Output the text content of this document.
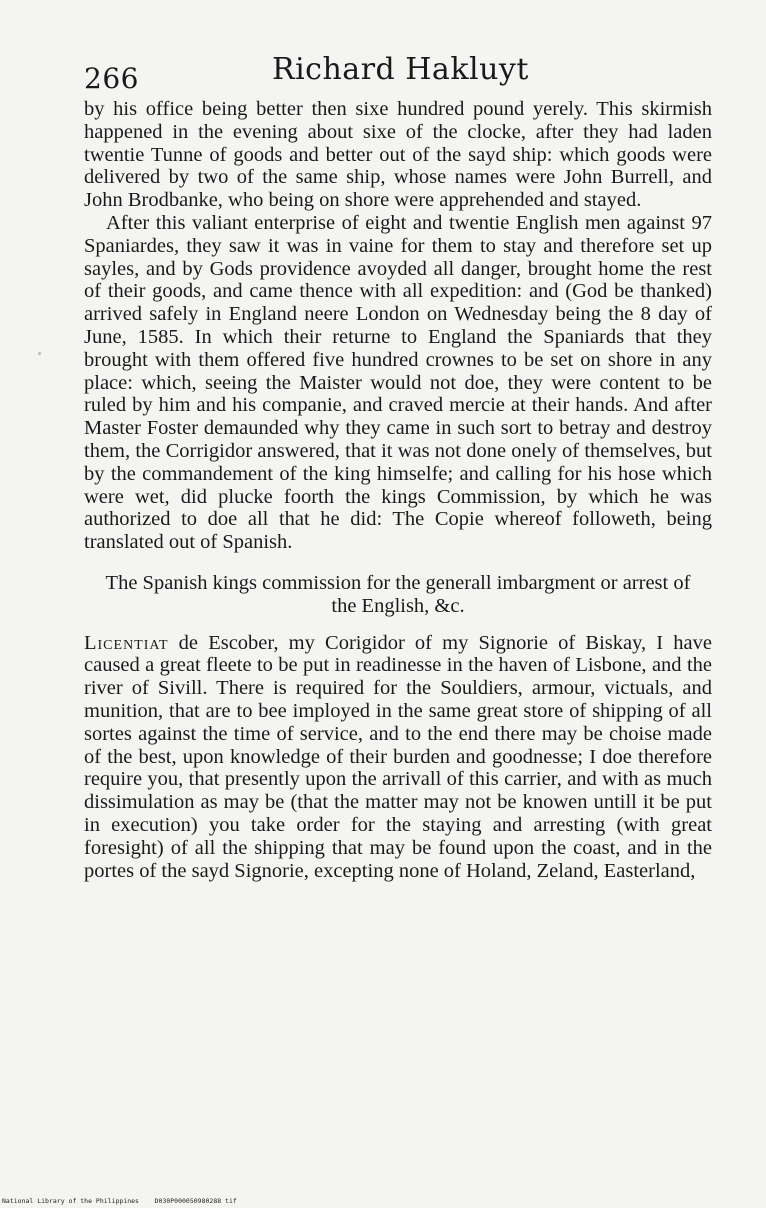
266	Richard Hakluyt

by his office being better then sixe hundred pound yerely. This skirmish happened in the evening about sixe of the clocke, after they had laden twentie Tunne of goods and better out of the sayd ship: which goods were delivered by two of the same ship, whose names were John Burrell, and John Brodbanke, who being on shore were apprehended and stayed.

After this valiant enterprise of eight and twentie English men against 97 Spaniardes, they saw it was in vaine for them to stay and therefore set up sayles, and by Gods providence avoyded all danger, brought home the rest of their goods, and came thence with all expedition: and (God be thanked) arrived safely in England neere London on Wednesday being the 8 day of June, 1585. In which their returne to England the Spaniards that they brought with them offered five hundred crownes to be set on shore in any place: which, seeing the Maister would not doe, they were content to be ruled by him and his companie, and craved mercie at their hands. And after Master Foster demaunded why they came in such sort to betray and destroy them, the Corrigidor answered, that it was not done onely of themselves, but by the commandement of the king himselfe; and calling for his hose which were wet, did plucke foorth the kings Commission, by which he was authorized to doe all that he did: The Copie whereof followeth, being translated out of Spanish.

The Spanish kings commission for the generall imbargment or arrest of the English, &c.

Licentiat de Escober, my Corigidor of my Signorie of Biskay, I have caused a great fleete to be put in readinesse in the haven of Lisbone, and the river of Sivill. There is required for the Souldiers, armour, victuals, and munition, that are to bee imployed in the same great store of shipping of all sortes against the time of service, and to the end there may be choise made of the best, upon knowledge of their burden and goodnesse; I doe therefore require you, that presently upon the arrivall of this carrier, and with as much dissimulation as may be (that the matter may not be knowen untill it be put in execution) you take order for the staying and arresting (with great foresight) of all the shipping that may be found upon the coast, and in the portes of the sayd Signorie, excepting none of Holand, Zeland, Easterland,

National Library of the Philippines    D030P000050980288 tif
